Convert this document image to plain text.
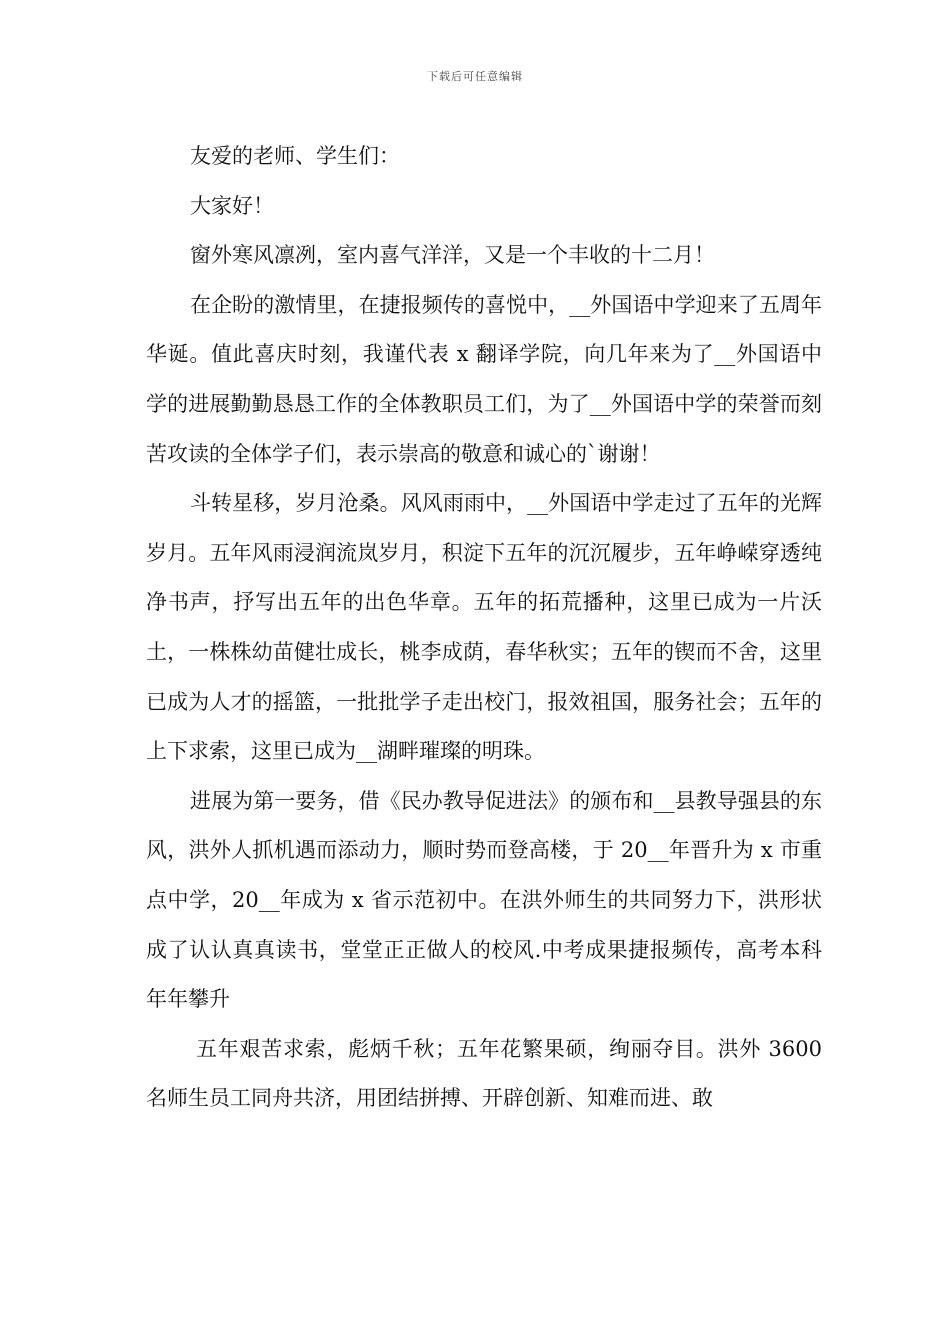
下载后可任意编辑

友爱的老师、学生们：

大家好！

窗外寒风凛冽，室内喜气洋洋，又是一个丰收的十二月！

在企盼的激情里，在捷报频传的喜悦中，__外国语中学迎来了五周年华诞。值此喜庆时刻，我谨代表 x 翻译学院，向几年来为了__外国语中学的进展勤勤恳恳工作的全体教职员工们，为了__外国语中学的荣誉而刻苦攻读的全体学子们，表示崇高的敬意和诚心的`谢谢！

斗转星移，岁月沧桑。风风雨雨中，__外国语中学走过了五年的光辉岁月。五年风雨浸润流岚岁月，积淀下五年的沉沉履步，五年峥嵘穿透纯净书声，抒写出五年的出色华章。五年的拓荒播种，这里已成为一片沃土，一株株幼苗健壮成长，桃李成荫，春华秋实；五年的锲而不舍，这里已成为人才的摇篮，一批批学子走出校门，报效祖国，服务社会；五年的上下求索，这里已成为__湖畔璀璨的明珠。

进展为第一要务，借《民办教导促进法》的颁布和__县教导强县的东风，洪外人抓机遇而添动力，顺时势而登高楼，于 20__年晋升为 x 市重点中学，20__年成为 x 省示范初中。在洪外师生的共同努力下，洪形状成了认认真真读书，堂堂正正做人的校风.中考成果捷报频传，高考本科年年攀升

五年艰苦求索，彪炳千秋；五年花繁果硕，绚丽夺目。洪外 3600 名师生员工同舟共济，用团结拼搏、开辟创新、知难而进、敢
